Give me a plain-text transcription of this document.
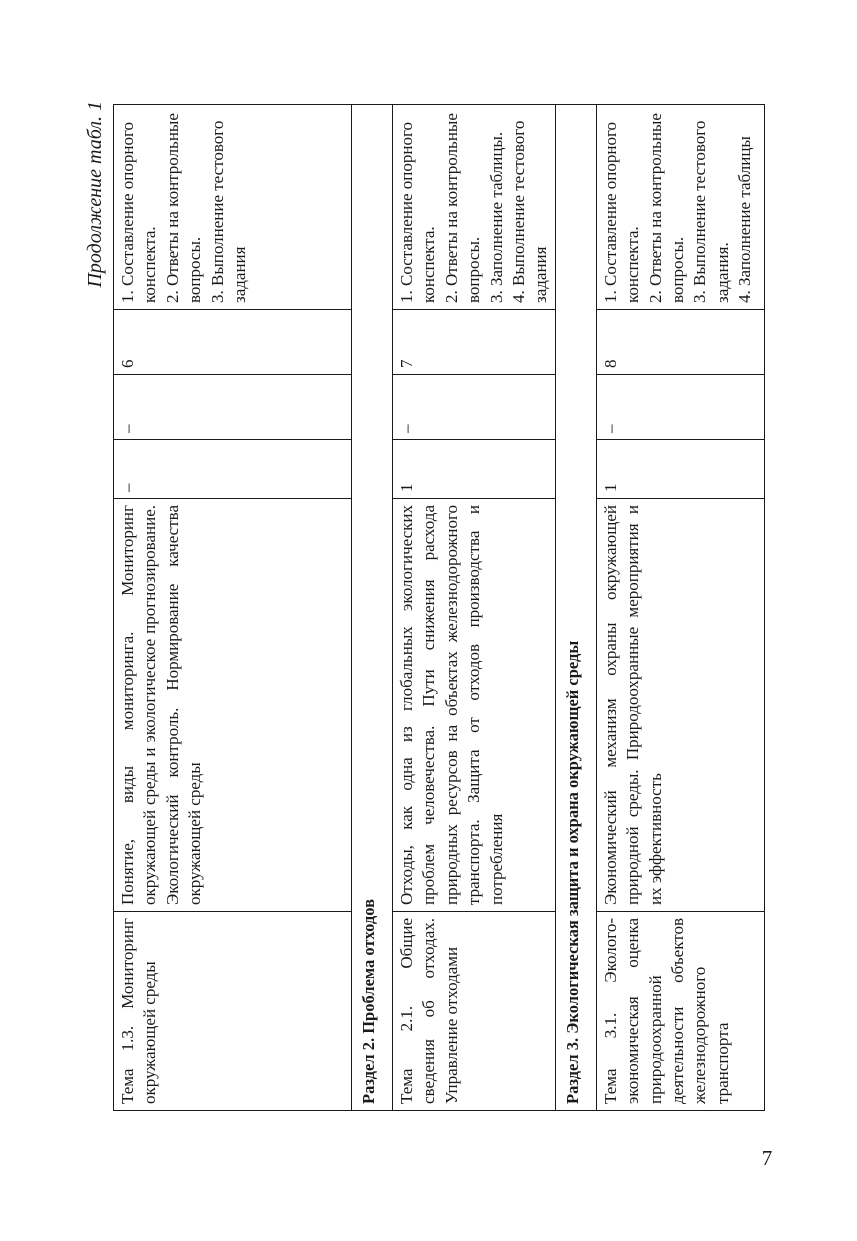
Продолжение табл. 1
Тема 1.3. Мониторинг окружающей среды	Понятие, виды мониторинга. Мониторинг окружающей среды и экологическое прогнозирование. Экологический контроль. Нормирование качества окружающей среды	–	–	6	1. Составление опорного конспекта. 2. Ответы на контрольные вопросы. 3. Выполнение тестового задания

Раздел 2. Проблема отходов					
Тема 2.1. Общие сведения об отходах. Управление отходами	Отходы, как одна из глобальных экологических проблем человечества. Пути снижения расхода природных ресурсов на объектах железнодорожного транспорта. Защита от отходов производства и потребления	1	–	7	1. Составление опорного конспекта. 2. Ответы на контрольные вопросы. 3. Заполнение таблицы. 4. Выполнение тестового задания

Раздел 3. Экологическая защита и охрана окружающей среды					
Тема 3.1. Эколого-экономическая оценка природоохранной деятельности объектов железнодорожного транспорта	Экономический механизм охраны окружающей природной среды. Природоохранные мероприятия и их эффективность	1	–	8	1. Составление опорного конспекта. 2. Ответы на контрольные вопросы. 3. Выполнение тестового задания. 4. Заполнение таблицы
7
